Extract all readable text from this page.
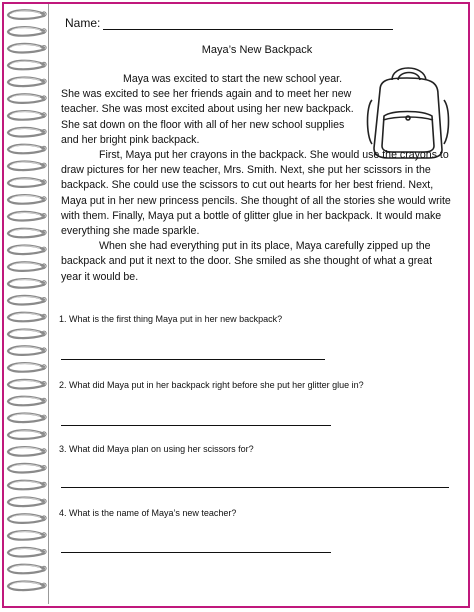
Name:
Maya’s New Backpack

Maya was excited to start the new school year. She was excited to see her friends again and to meet her new teacher. She was most excited about using her new backpack. She sat down on the floor with all of her new school supplies and her bright pink backpack.

First, Maya put her crayons in the backpack. She would use the crayons to draw pictures for her new teacher, Mrs. Smith. Next, she put her scissors in the backpack. She could use the scissors to cut out hearts for her best friend. Next, Maya put in her new princess pencils. She thought of all the stories she would write with them. Finally, Maya put a bottle of glitter glue in her backpack. It would make everything she made sparkle.

When she had everything put in its place, Maya carefully zipped up the backpack and put it next to the door. She smiled as she thought of what a great year it would be.

1. What is the first thing Maya put in her new backpack?
2. What did Maya put in her backpack right before she put her glitter glue in?
3. What did Maya plan on using her scissors for?
4. What is the name of Maya’s new teacher?
